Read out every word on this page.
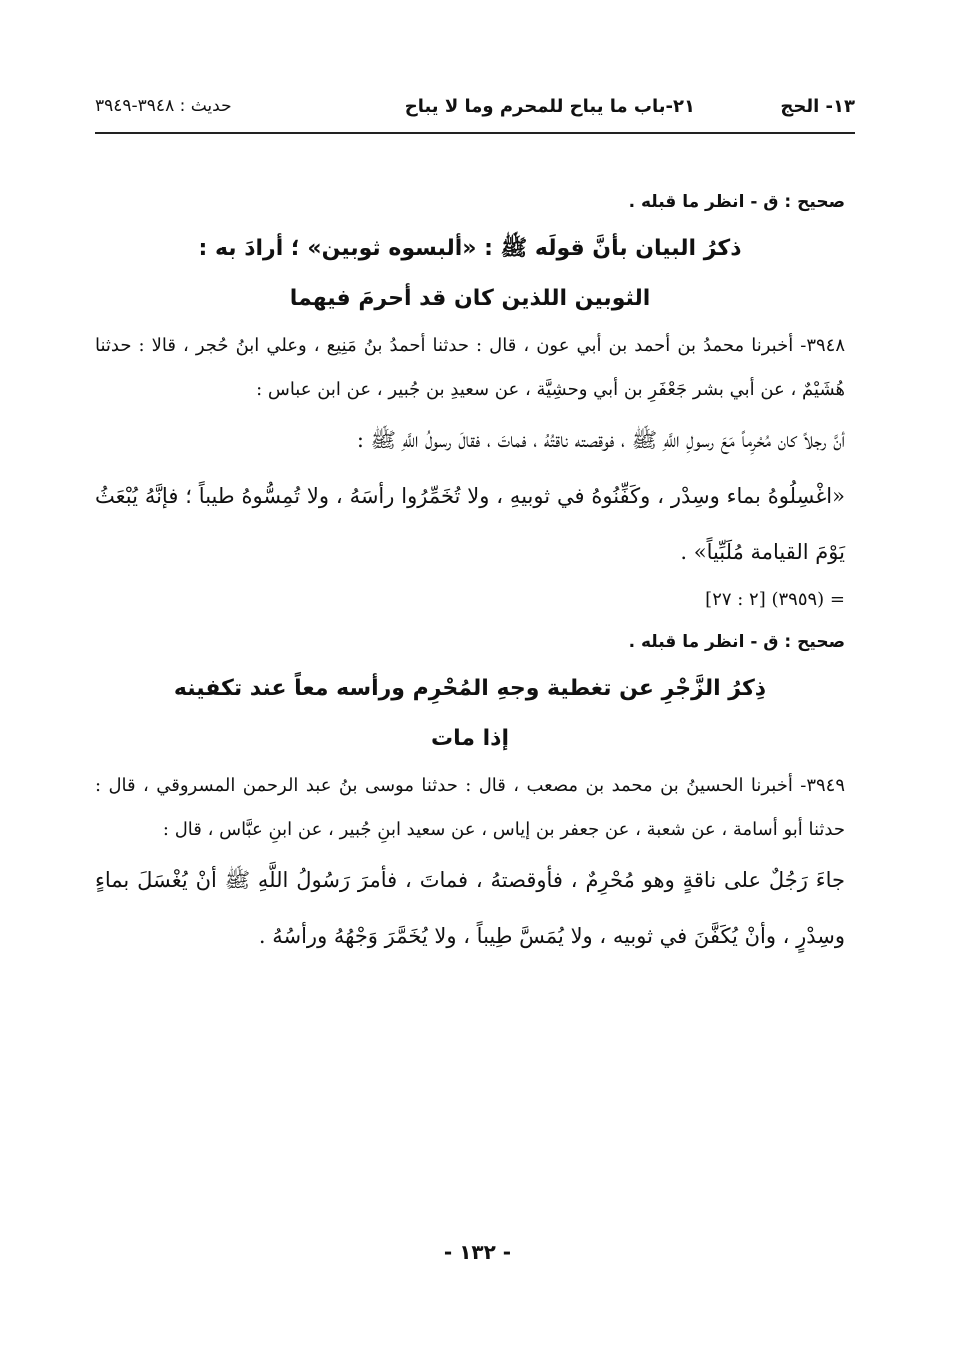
١٣- الحج
٢١-باب ما يباح للمحرم وما لا يباح
حديث : ٣٩٤٨-٣٩٤٩

صحيح : ق - انظر ما قبله .

ذكرُ البيان بأنَّ قولَه ﷺ : «ألبسوه ثوبين» ؛ أرادَ به :

الثوبين اللذين كان قد أحرمَ فيهما

٣٩٤٨- أخبرنا محمدُ بن أحمد بن أبي عون ، قال : حدثنا أحمدُ بنُ مَنِيع ، وعلي ابنُ حُجر ، قالا : حدثنا هُشَيْمٌ ، عن أبي بشر جَعْفَرِ بن أبي وحشِيَّة ، عن سعيدِ بن جُبير ، عن ابن عباس :

أنَّ رجلاً كان مُحْرِماً مَعَ رسولِ اللَّهِ ﷺ ، فوقصته ناقتُهُ ، فماتَ ، فقالَ رسولُ اللَّهِ ﷺ :

«اغْسِلُوهُ بماء وسِدْر ، وكَفِّنُوهُ في ثوبيهِ ، ولا تُخَمِّرُوا رأسَهُ ، ولا تُمِسُّوهُ طيباً ؛ فإنَّهُ يُبْعَثُ يَوْمَ القيامة مُلَبِّياً» .

= (٣٩٥٩) [٢ : ٢٧]

صحيح : ق - انظر ما قبله .

ذِكرُ الزَّجْرِ عن تغطية وجهِ المُحْرِم ورأسه معاً عند تكفينه

إذا مات

٣٩٤٩- أخبرنا الحسينُ بن محمد بن مصعب ، قال : حدثنا موسى بنُ عبد الرحمن المسروقي ، قال : حدثنا أبو أسامة ، عن شعبة ، عن جعفر بن إياس ، عن سعيد ابنِ جُبير ، عن ابنِ عبَّاس ، قال :

جاءَ رَجُلٌ على ناقةٍ وهو مُحْرِمٌ ، فأوقصتهُ ، فماتَ ، فأمرَ رَسُولُ اللَّهِ ﷺ أنْ يُغْسَلَ بماءٍ وسِدْرٍ ، وأنْ يُكَفَّنَ في ثوبيه ، ولا يُمَسَّ طِيباً ، ولا يُخَمَّرَ وَجْهُهُ ورأسُهُ .

- ١٣٢ -
